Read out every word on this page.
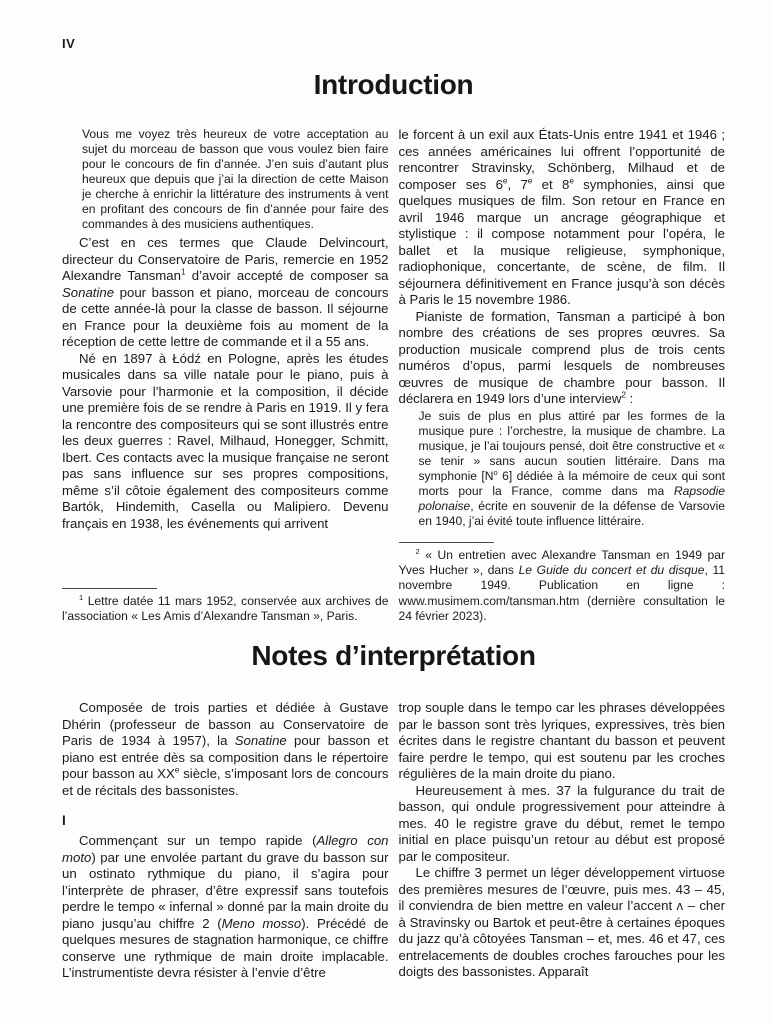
IV
Introduction

Vous me voyez très heureux de votre acceptation au sujet du morceau de basson que vous voulez bien faire pour le concours de fin d’année. J’en suis d’autant plus heureux que depuis que j’ai la direction de cette Maison je cherche à enrichir la littérature des instruments à vent en profitant des concours de fin d’année pour faire des commandes à des musiciens authentiques.

C’est en ces termes que Claude Delvincourt, directeur du Conservatoire de Paris, remercie en 1952 Alexandre Tansman$^1$ d’avoir accepté de composer sa Sonatine pour basson et piano, morceau de concours de cette année-là pour la classe de basson. Il séjourne en France pour la deuxième fois au moment de la réception de cette lettre de commande et il a 55 ans.

Né en 1897 à Łódź en Pologne, après les études musicales dans sa ville natale pour le piano, puis à Varsovie pour l’harmonie et la composition, il décide une première fois de se rendre à Paris en 1919. Il y fera la rencontre des compositeurs qui se sont illustrés entre les deux guerres : Ravel, Milhaud, Honegger, Schmitt, Ibert. Ces contacts avec la musique française ne seront pas sans influence sur ses propres compositions, même s’il côtoie également des compositeurs comme Bartók, Hindemith, Casella ou Malipiero. Devenu français en 1938, les événements qui arrivent

$^1$ Lettre datée 11 mars 1952, conservée aux archives de l’association « Les Amis d’Alexandre Tansman », Paris.

le forcent à un exil aux États-Unis entre 1941 et 1946 ; ces années américaines lui offrent l’opportunité de rencontrer Stravinsky, Schönberg, Milhaud et de composer ses 6e, 7e et 8e symphonies, ainsi que quelques musiques de film. Son retour en France en avril 1946 marque un ancrage géographique et stylistique : il compose notamment pour l’opéra, le ballet et la musique religieuse, symphonique, radiophonique, concertante, de scène, de film. Il séjournera définitivement en France jusqu’à son décès à Paris le 15 novembre 1986.

Pianiste de formation, Tansman a participé à bon nombre des créations de ses propres œuvres. Sa production musicale comprend plus de trois cents numéros d’opus, parmi lesquels de nombreuses œuvres de musique de chambre pour basson. Il déclarera en 1949 lors d’une interview$^2$ :

Je suis de plus en plus attiré par les formes de la musique pure : l’orchestre, la musique de chambre. La musique, je l’ai toujours pensé, doit être constructive et « se tenir » sans aucun soutien littéraire. Dans ma symphonie [$N^o$ 6] dédiée à la mémoire de ceux qui sont morts pour la France, comme dans ma Rapsodie polonaise, écrite en souvenir de la défense de Varsovie en 1940, j’ai évité toute influence littéraire.

$^2$ « Un entretien avec Alexandre Tansman en 1949 par Yves Hucher », dans Le Guide du concert et du disque, 11 novembre 1949. Publication en ligne : www.musimem.com/tansman.htm (dernière consultation le 24 février 2023).

Notes d’interprétation

Composée de trois parties et dédiée à Gustave Dhérin (professeur de basson au Conservatoire de Paris de 1934 à 1957), la Sonatine pour basson et piano est entrée dès sa composition dans le répertoire pour basson au XXe siècle, s’imposant lors de concours et de récitals des bassonistes.

I

Commençant sur un tempo rapide (Allegro con moto) par une envolée partant du grave du basson sur un ostinato rythmique du piano, il s’agira pour l’interprète de phraser, d’être expressif sans toutefois perdre le tempo « infernal » donné par la main droite du piano jusqu’au chiffre 2 (Meno mosso). Précédé de quelques mesures de stagnation harmonique, ce chiffre conserve une rythmique de main droite implacable. L’instrumentiste devra résister à l’envie d’être

trop souple dans le tempo car les phrases développées par le basson sont très lyriques, expressives, très bien écrites dans le registre chantant du basson et peuvent faire perdre le tempo, qui est soutenu par les croches régulières de la main droite du piano.

Heureusement à mes. 37 la fulgurance du trait de basson, qui ondule progressivement pour atteindre à mes. 40 le registre grave du début, remet le tempo initial en place puisqu’un retour au début est proposé par le compositeur.

Le chiffre 3 permet un léger développement virtuose des premières mesures de l’œuvre, puis mes. 43 – 45, il conviendra de bien mettre en valeur l’accent ʌ – cher à Stravinsky ou Bartok et peut-être à certaines époques du jazz qu’à côtoyées Tansman – et, mes. 46 et 47, ces entrelacements de doubles croches farouches pour les doigts des bassonistes. Apparaît
